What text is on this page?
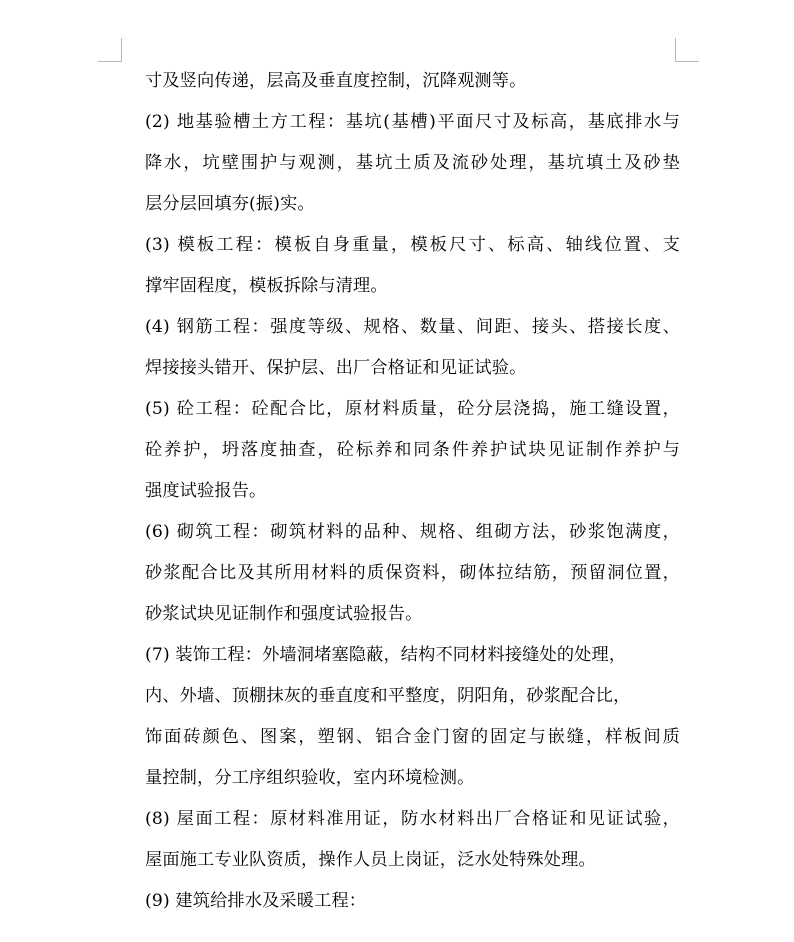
寸及竖向传递，层高及垂直度控制，沉降观测等。
(2) 地基验槽土方工程：基坑(基槽)平面尺寸及标高，基底排水与
降水，坑壁围护与观测，基坑土质及流砂处理，基坑填土及砂垫
层分层回填夯(振)实。
(3) 模板工程：模板自身重量，模板尺寸、标高、轴线位置、支
撑牢固程度，模板拆除与清理。
(4) 钢筋工程：强度等级、规格、数量、间距、接头、搭接长度、
焊接接头错开、保护层、出厂合格证和见证试验。
(5) 砼工程：砼配合比，原材料质量，砼分层浇捣，施工缝设置，
砼养护，坍落度抽查，砼标养和同条件养护试块见证制作养护与
强度试验报告。
(6) 砌筑工程：砌筑材料的品种、规格、组砌方法，砂浆饱满度，
砂浆配合比及其所用材料的质保资料，砌体拉结筋，预留洞位置，
砂浆试块见证制作和强度试验报告。
(7) 装饰工程：外墙洞堵塞隐蔽，结构不同材料接缝处的处理，
内、外墙、顶棚抹灰的垂直度和平整度，阴阳角，砂浆配合比，
饰面砖颜色、图案，塑钢、铝合金门窗的固定与嵌缝，样板间质
量控制，分工序组织验收，室内环境检测。
(8) 屋面工程：原材料准用证，防水材料出厂合格证和见证试验，
屋面施工专业队资质，操作人员上岗证，泛水处特殊处理。
(9) 建筑给排水及采暖工程：
